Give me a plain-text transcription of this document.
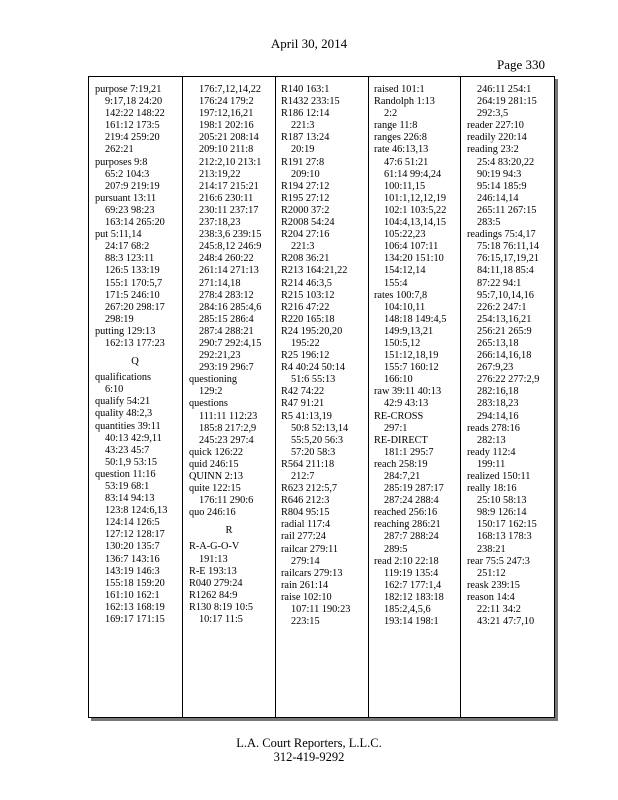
April 30, 2014
Page 330
purpose 7:19,21
9:17,18 24:20
142:22 148:22
161:12 173:5
219:4 259:20
262:21
purposes 9:8
65:2 104:3
207:9 219:19
pursuant 13:11
69:23 98:23
163:14 265:20
put 5:11,14
24:17 68:2
88:3 123:11
126:5 133:19
155:1 170:5,7
171:5 246:10
267:20 298:17
298:19
putting 129:13
162:13 177:23
Q
qualifications
6:10
qualify 54:21
quality 48:2,3
quantities 39:11
40:13 42:9,11
43:23 45:7
50:1,9 53:15
question 11:16
53:19 68:1
83:14 94:13
123:8 124:6,13
124:14 126:5
127:12 128:17
130:20 135:7
136:7 143:16
143:19 146:3
155:18 159:20
161:10 162:1
162:13 168:19
169:17 171:15
176:7,12,14,22
176:24 179:2
197:12,16,21
198:1 202:16
205:21 208:14
209:10 211:8
212:2,10 213:1
213:19,22
214:17 215:21
216:6 230:11
230:11 237:17
237:18,23
238:3,6 239:15
245:8,12 246:9
248:4 260:22
261:14 271:13
271:14,18
278:4 283:12
284:16 285:4,6
285:15 286:4
287:4 288:21
290:7 292:4,15
292:21,23
293:19 296:7
questioning
129:2
questions
111:11 112:23
185:8 217:2,9
245:23 297:4
quick 126:22
quid 246:15
QUINN 2:13
quite 122:15
176:11 290:6
quo 246:16
R
R-A-G-O-V
191:13
R-E 193:13
R040 279:24
R1262 84:9
R130 8:19 10:5
10:17 11:5
R140 163:1
R1432 233:15
R186 12:14
221:3
R187 13:24
20:19
R191 27:8
209:10
R194 27:12
R195 27:12
R2000 37:2
R2008 54:24
R204 27:16
221:3
R208 36:21
R213 164:21,22
R214 46:3,5
R215 103:12
R216 47:22
R220 165:18
R24 195:20,20
195:22
R25 196:12
R4 40:24 50:14
51:6 55:13
R42 74:22
R47 91:21
R5 41:13,19
50:8 52:13,14
55:5,20 56:3
57:20 58:3
R564 211:18
212:7
R623 212:5,7
R646 212:3
R804 95:15
radial 117:4
rail 277:24
railcar 279:11
279:14
railcars 279:13
rain 261:14
raise 102:10
107:11 190:23
223:15
raised 101:1
Randolph 1:13
2:2
range 11:8
ranges 226:8
rate 46:13,13
47:6 51:21
61:14 99:4,24
100:11,15
101:1,12,12,19
102:1 103:5,22
104:4,13,14,15
105:22,23
106:4 107:11
134:20 151:10
154:12,14
155:4
rates 100:7,8
104:10,11
148:18 149:4,5
149:9,13,21
150:5,12
151:12,18,19
155:7 160:12
166:10
raw 39:11 40:13
42:9 43:13
RE-CROSS
297:1
RE-DIRECT
181:1 295:7
reach 258:19
284:7,21
285:19 287:17
287:24 288:4
reached 256:16
reaching 286:21
287:7 288:24
289:5
read 2:10 22:18
119:19 135:4
162:7 177:1,4
182:12 183:18
185:2,4,5,6
193:14 198:1
246:11 254:1
264:19 281:15
292:3,5
reader 227:10
readily 220:14
reading 23:2
25:4 83:20,22
90:19 94:3
95:14 185:9
246:14,14
265:11 267:15
283:5
readings 75:4,17
75:18 76:11,14
76:15,17,19,21
84:11,18 85:4
87:22 94:1
95:7,10,14,16
226:2 247:1
254:13,16,21
256:21 265:9
265:13,18
266:14,16,18
267:9,23
276:22 277:2,9
282:16,18
283:18,23
294:14,16
reads 278:16
282:13
ready 112:4
199:11
realized 150:11
really 18:16
25:10 58:13
98:9 126:14
150:17 162:15
168:13 178:3
238:21
rear 75:5 247:3
251:12
reask 239:15
reason 14:4
22:11 34:2
43:21 47:7,10
L.A. Court Reporters, L.L.C.
312-419-9292
